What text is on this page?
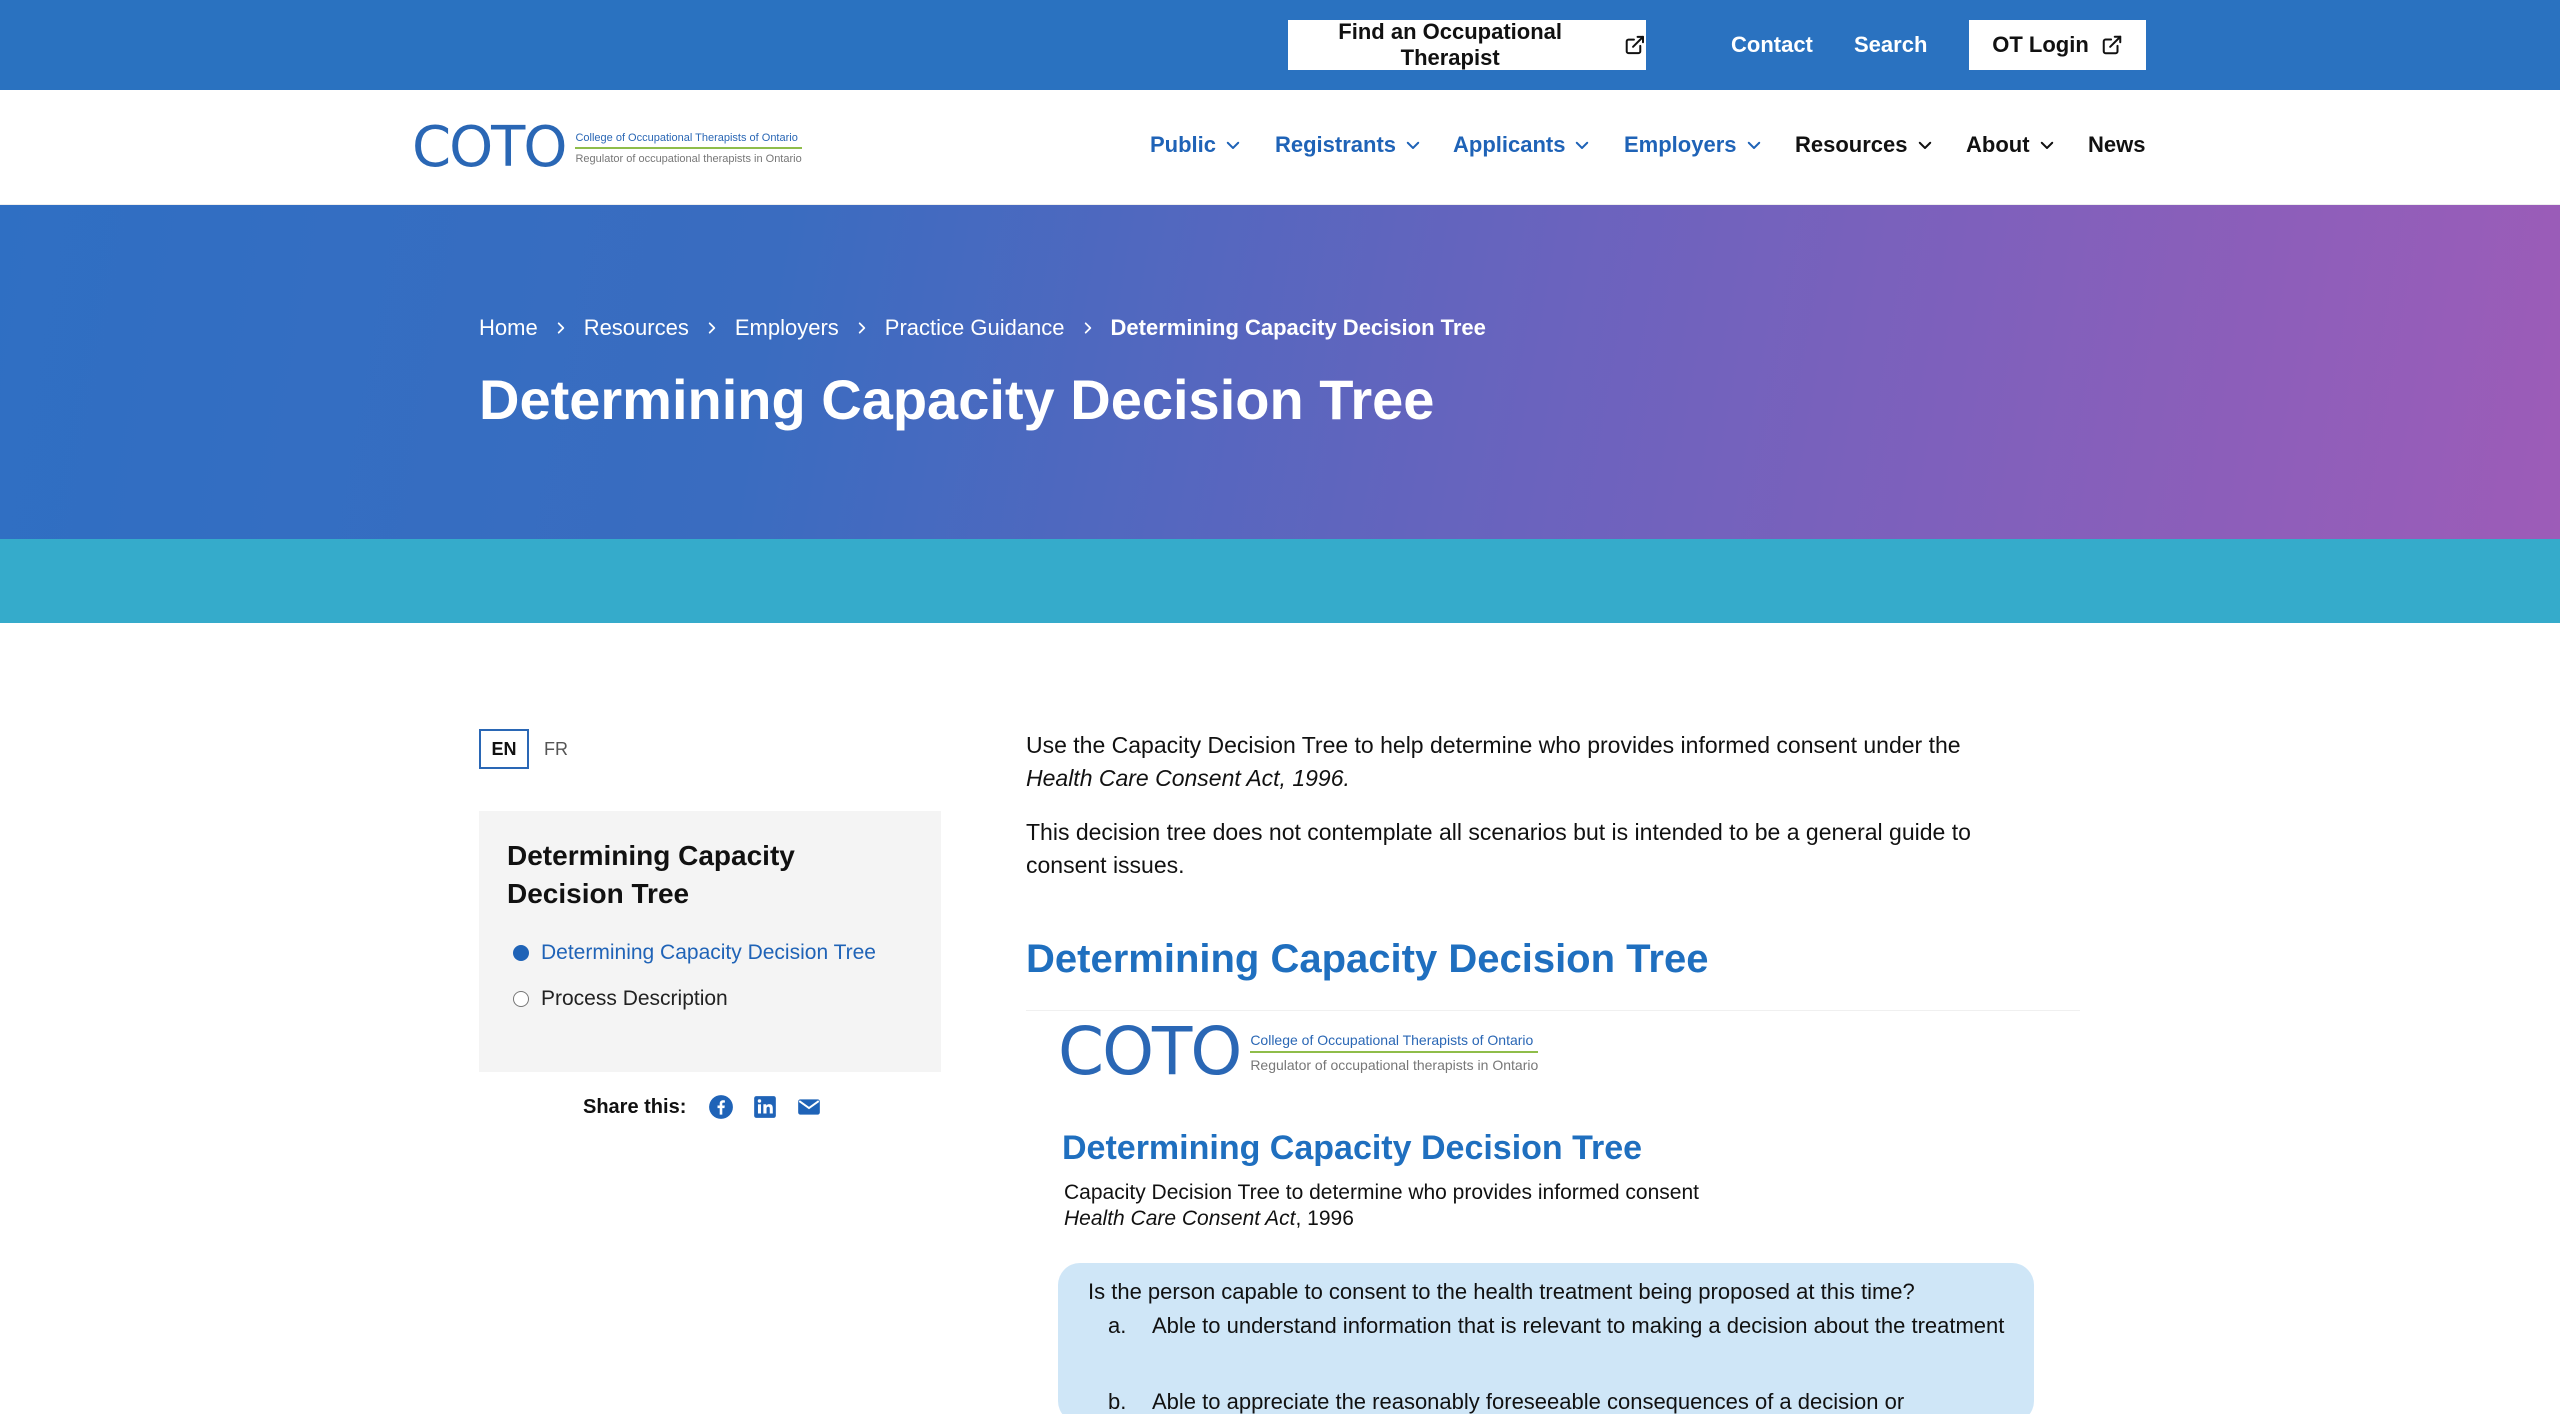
Find an Occupational Therapist
Contact Search	OT Login
COTO College of Occupational Therapists of Ontario
Regulator of occupational therapists in Ontario
Public	Registrants	Applicants	Employers	Resources	About	News
Home Resources Employers Practice Guidance Determining Capacity Decision Tree
Determining Capacity Decision Tree
EN	FR
Determining Capacity Decision Tree
Determining Capacity Decision Tree
Process Description
Share this:

Use the Capacity Decision Tree to help determine who provides informed consent under the Health Care Consent Act, 1996.

This decision tree does not contemplate all scenarios but is intended to be a general guide to consent issues.

Determining Capacity Decision Tree
COTO College of Occupational Therapists of Ontario
Regulator of occupational therapists in Ontario
Determining Capacity Decision Tree
Capacity Decision Tree to determine who provides informed consent
Health Care Consent Act, 1996
Is the person capable to consent to the health treatment being proposed at this time?
a. Able to understand information that is relevant to making a decision about the treatment
b. Able to appreciate the reasonably foreseeable consequences of a decision or
